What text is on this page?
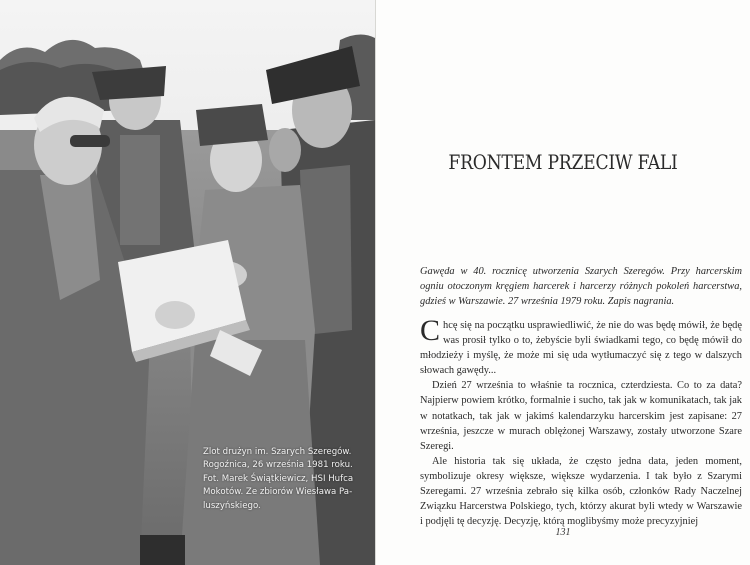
Zlot drużyn im. Szarych Szeregów.
Rogoźnica, 26 września 1981 roku.
Fot. Marek Świątkiewicz, HSI Hufca
Mokotów. Ze zbiorów Wiesława Pa-
luszyńskiego.
FRONTEM PRZECIW FALI

Gawęda w 40. rocznicę utworzenia Szarych Szeregów. Przy harcerskim ogniu otoczonym kręgiem harcerek i harcerzy różnych pokoleń harcerstwa, gdzieś w Warszawie. 27 września 1979 roku. Zapis nagrania.

Chcę się na początku usprawiedliwić, że nie do was będę mówił, że będę was prosił tylko o to, żebyście byli świadkami tego, co będę mówił do młodzieży i myślę, że może mi się uda wytłumaczyć się z tego w dalszych słowach gawędy...

Dzień 27 września to właśnie ta rocznica, czterdziesta. Co to za data? Najpierw powiem krótko, formalnie i sucho, tak jak w komunikatach, tak jak w notatkach, tak jak w jakimś kalendarzyku harcerskim jest zapisane: 27 września, jeszcze w murach oblężonej Warszawy, zostały utworzone Szare Szeregi.

Ale historia tak się układa, że często jedna data, jeden moment, symbolizuje okresy większe, większe wydarzenia. I tak było z Szarymi Szeregami. 27 września zebrało się kilka osób, członków Rady Naczelnej Związku Harcerstwa Polskiego, tych, którzy akurat byli wtedy w Warszawie i podjęli tę decyzję. Decyzję, którą moglibyśmy może precyzyjniej

131
